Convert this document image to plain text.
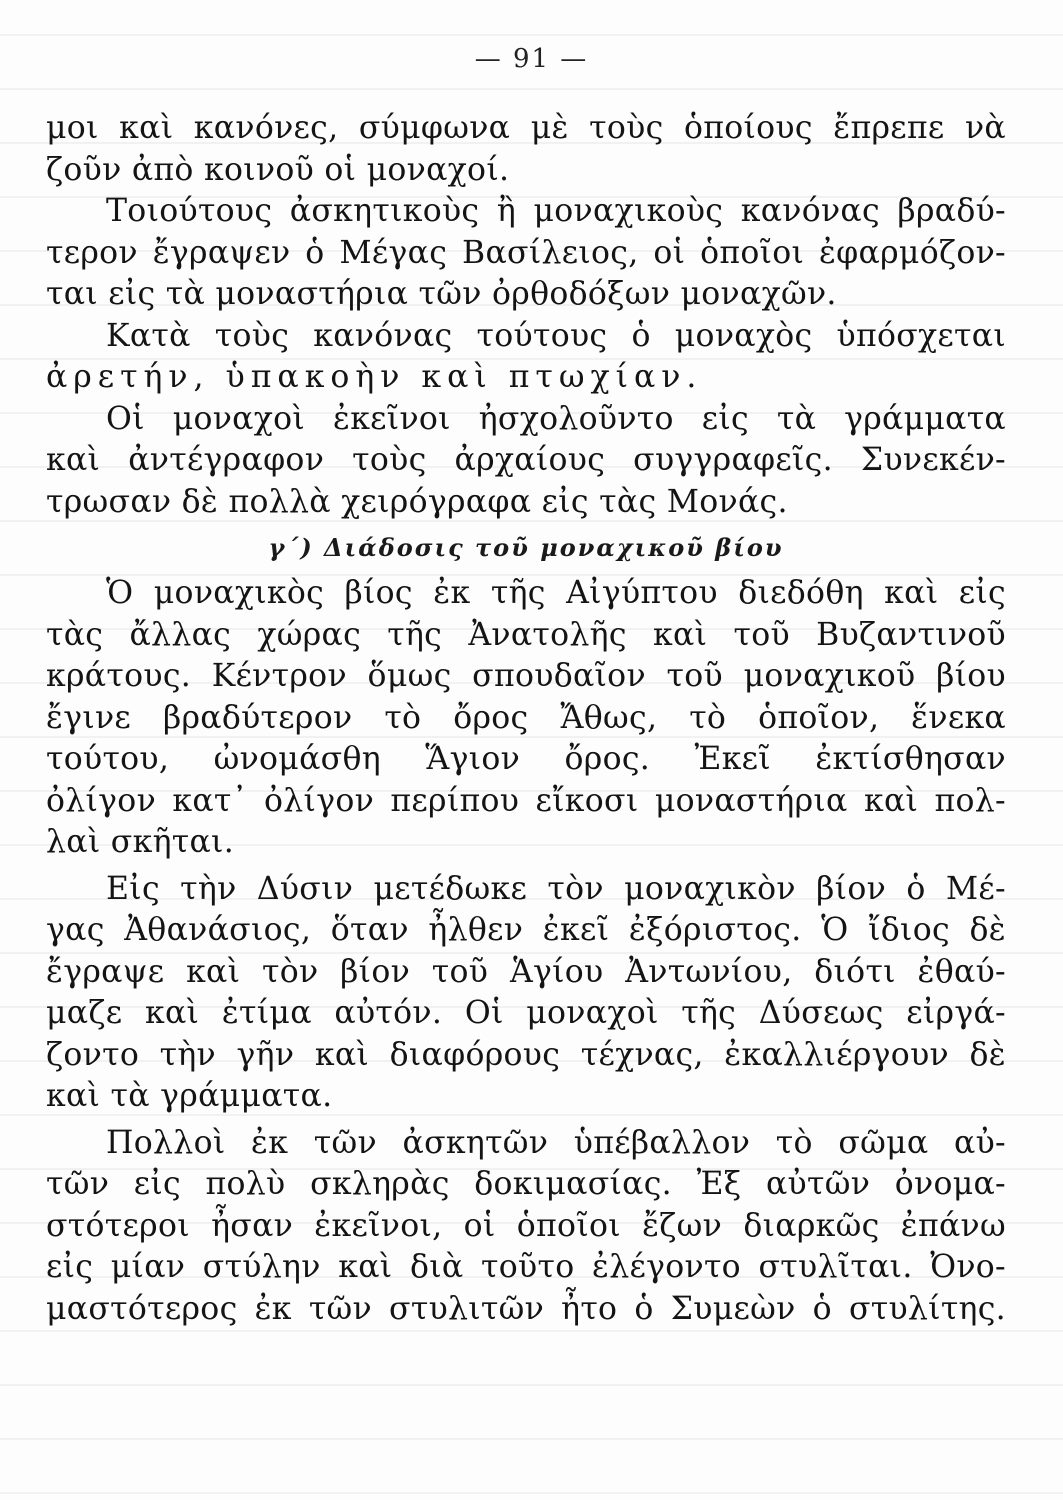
— 91 —
μοι καὶ κανόνες, σύμφωνα μὲ τοὺς ὁποίους ἔπρεπε νὰ
ζοῦν ἀπὸ κοινοῦ οἱ μοναχοί.
Τοιούτους ἀσκητικοὺς ἢ μοναχικοὺς κανόνας βραδύ-
τερον ἔγραψεν ὁ Μέγας Βασίλειος, οἱ ὁποῖοι ἐφαρμόζον-
ται εἰς τὰ μοναστήρια τῶν ὀρθοδόξων μοναχῶν.
Κατὰ τοὺς κανόνας τούτους ὁ μοναχὸς ὑπόσχεται
ἀρετήν, ὑπακοὴν καὶ πτωχίαν.
Οἱ μοναχοὶ ἐκεῖνοι ἠσχολοῦντο εἰς τὰ γράμματα
καὶ ἀντέγραφον τοὺς ἀρχαίους συγγραφεῖς. Συνεκέν-
τρωσαν δὲ πολλὰ χειρόγραφα εἰς τὰς Μονάς.
γ΄) Διάδοσις τοῦ μοναχικοῦ βίου
Ὁ μοναχικὸς βίος ἐκ τῆς Αἰγύπτου διεδόθη καὶ εἰς
τὰς ἄλλας χώρας τῆς Ἀνατολῆς καὶ τοῦ Βυζαντινοῦ
κράτους. Κέντρον ὅμως σπουδαῖον τοῦ μοναχικοῦ βίου
ἔγινε βραδύτερον τὸ ὄρος Ἄθως, τὸ ὁποῖον, ἕνεκα
τούτου, ὠνομάσθη Ἅγιον ὄρος. Ἐκεῖ ἐκτίσθησαν
ὀλίγον κατ᾿ ὀλίγον περίπου εἴκοσι μοναστήρια καὶ πολ-
λαὶ σκῆται.
Εἰς τὴν Δύσιν μετέδωκε τὸν μοναχικὸν βίον ὁ Μέ-
γας Ἀθανάσιος, ὅταν ἦλθεν ἐκεῖ ἐξόριστος. Ὁ ἴδιος δὲ
ἔγραψε καὶ τὸν βίον τοῦ Ἁγίου Ἀντωνίου, διότι ἐθαύ-
μαζε καὶ ἐτίμα αὐτόν. Οἱ μοναχοὶ τῆς Δύσεως εἰργά-
ζοντο τὴν γῆν καὶ διαφόρους τέχνας, ἐκαλλιέργουν δὲ
καὶ τὰ γράμματα.
Πολλοὶ ἐκ τῶν ἀσκητῶν ὑπέβαλλον τὸ σῶμα αὐ-
τῶν εἰς πολὺ σκληρὰς δοκιμασίας. Ἐξ αὐτῶν ὀνομα-
στότεροι ἦσαν ἐκεῖνοι, οἱ ὁποῖοι ἔζων διαρκῶς ἐπάνω
εἰς μίαν στύλην καὶ διὰ τοῦτο ἐλέγοντο στυλῖται. Ὀνο-
μαστότερος ἐκ τῶν στυλιτῶν ἦτο ὁ Συμεὼν ὁ στυλίτης.
